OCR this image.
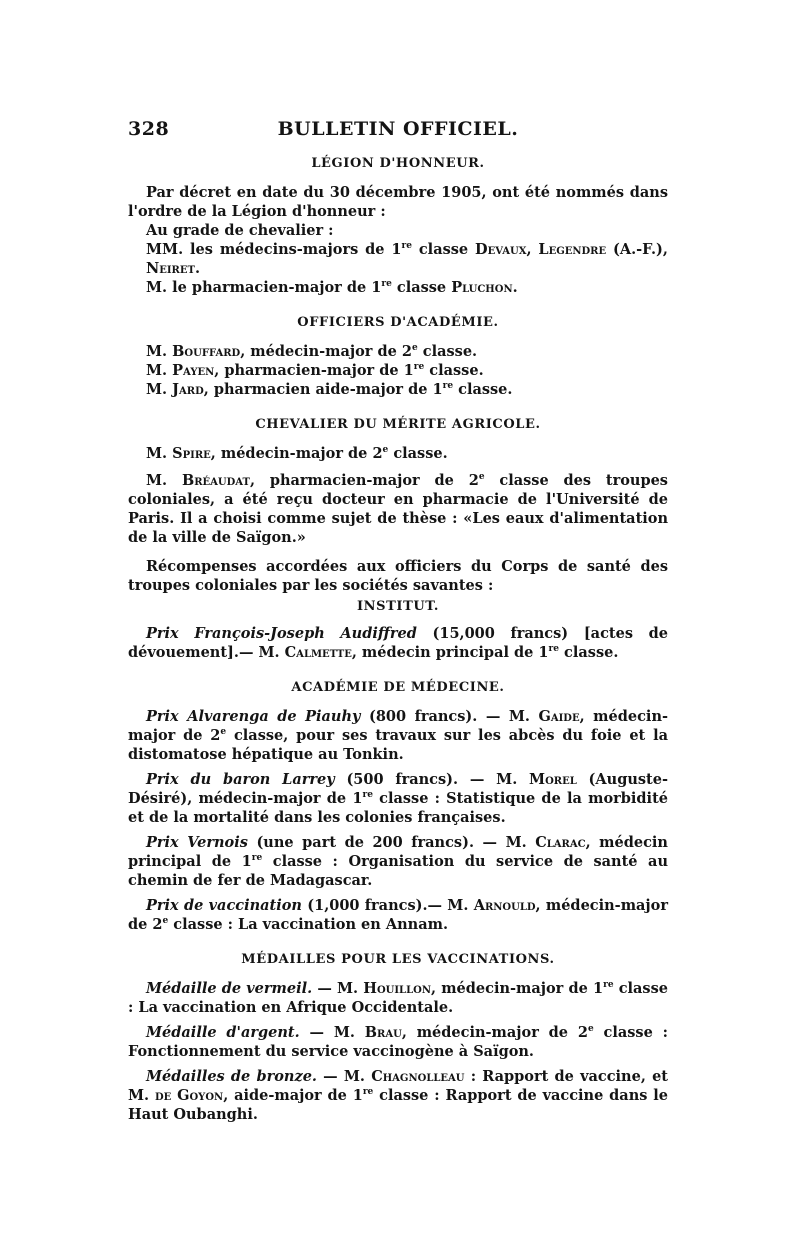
328	BULLETIN OFFICIEL.
LÉGION D'HONNEUR.

Par décret en date du 30 décembre 1905, ont été nommés dans l'ordre de la Légion d'honneur :

Au grade de chevalier :

MM. les médecins-majors de 1re classe Devaux, Legendre (A.-F.), Neiret.

M. le pharmacien-major de 1re classe Pluchon.

OFFICIERS D'ACADÉMIE.

M. Bouffard, médecin-major de 2e classe.

M. Payen, pharmacien-major de 1re classe.

M. Jard, pharmacien aide-major de 1re classe.

CHEVALIER DU MÉRITE AGRICOLE.

M. Spire, médecin-major de 2e classe.

M. Bréaudat, pharmacien-major de 2e classe des troupes coloniales, a été reçu docteur en pharmacie de l'Université de Paris. Il a choisi comme sujet de thèse : «Les eaux d'alimentation de la ville de Saïgon.»

Récompenses accordées aux officiers du Corps de santé des troupes coloniales par les sociétés savantes :

INSTITUT.

Prix François-Joseph Audiffred (15,000 francs) [actes de dévouement].— M. Calmette, médecin principal de 1re classe.

ACADÉMIE DE MÉDECINE.

Prix Alvarenga de Piauhy (800 francs). — M. Gaide, médecin-major de 2e classe, pour ses travaux sur les abcès du foie et la distomatose hépatique au Tonkin.

Prix du baron Larrey (500 francs). — M. Morel (Auguste-Désiré), médecin-major de 1re classe : Statistique de la morbidité et de la mortalité dans les colonies françaises.

Prix Vernois (une part de 200 francs). — M. Clarac, médecin principal de 1re classe : Organisation du service de santé au chemin de fer de Madagascar.

Prix de vaccination (1,000 francs).— M. Arnould, médecin-major de 2e classe : La vaccination en Annam.

MÉDAILLES POUR LES VACCINATIONS.

Médaille de vermeil. — M. Houillon, médecin-major de 1re classe : La vaccination en Afrique Occidentale.

Médaille d'argent. — M. Brau, médecin-major de 2e classe : Fonctionnement du service vaccinogène à Saïgon.

Médailles de bronze. — M. Chagnolleau : Rapport de vaccine, et M. de Goyon, aide-major de 1re classe : Rapport de vaccine dans le Haut Oubanghi.
